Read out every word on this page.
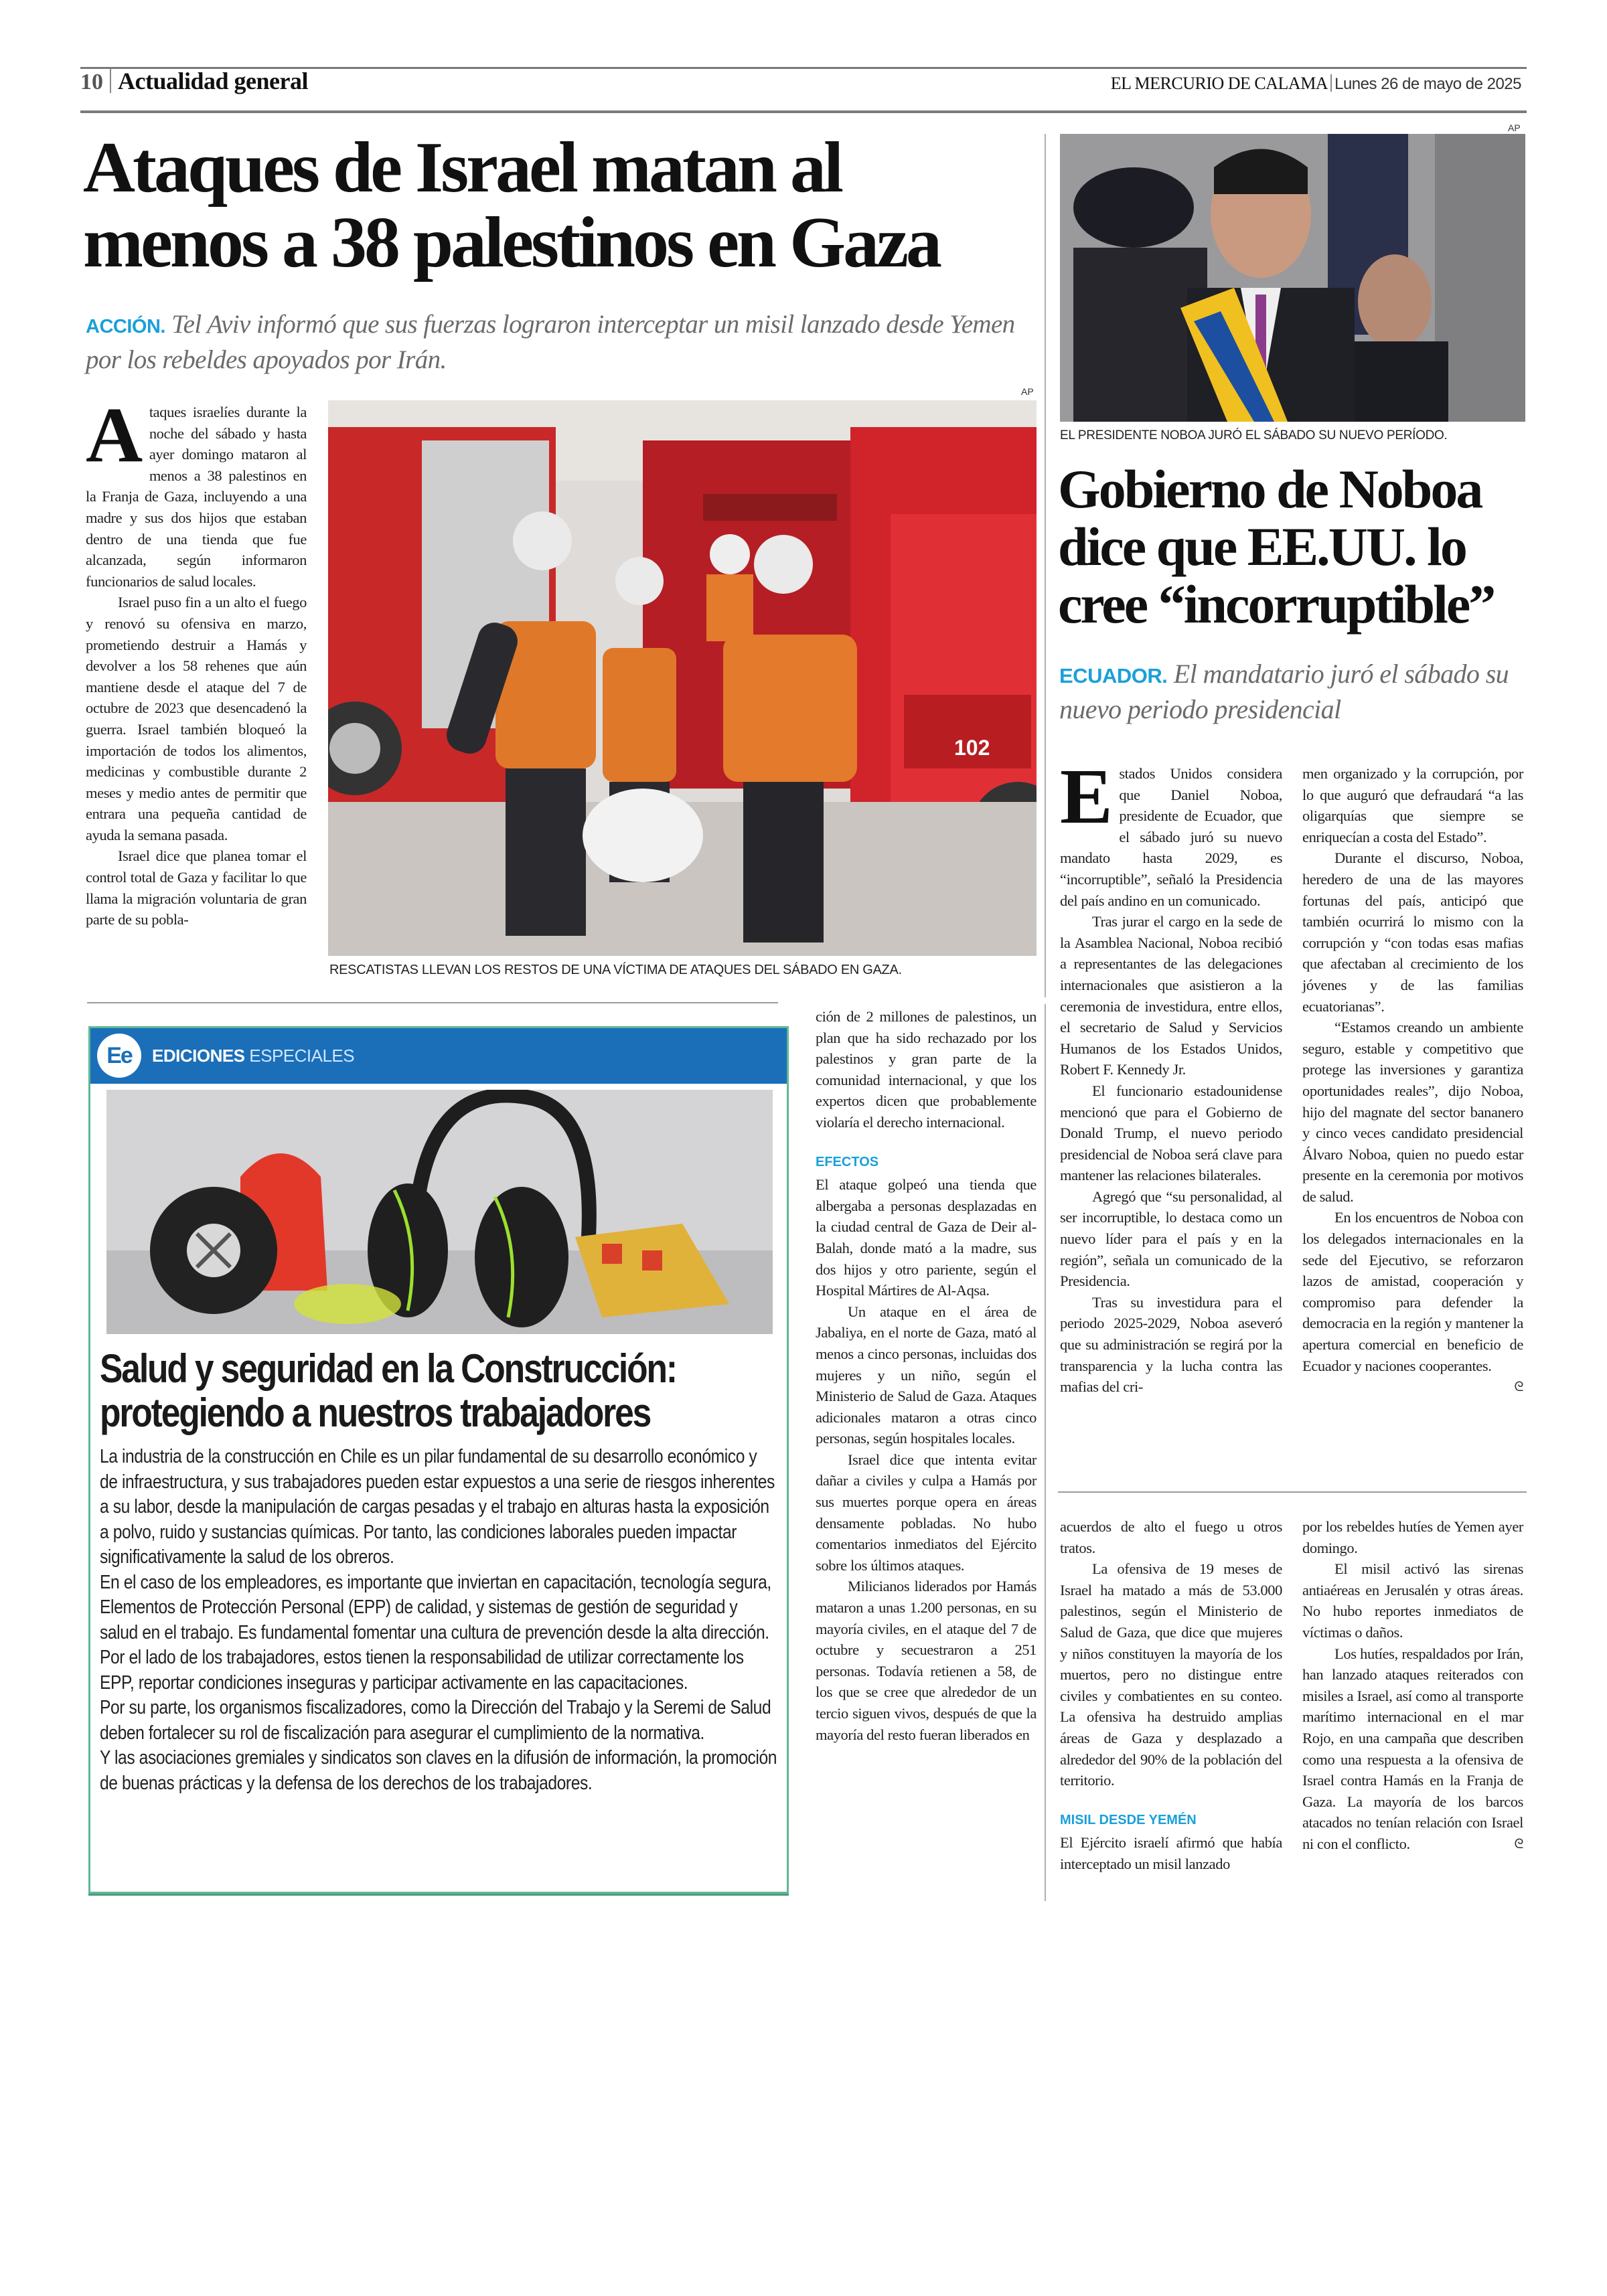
10 Actualidad general	EL MERCURIO DE CALAMA Lunes 26 de mayo de 2025
Ataques de Israel matan al
menos a 38 palestinos en Gaza
ACCIÓN. Tel Aviv informó que sus fuerzas lograron interceptar un misil lanzado desde Yemen por los rebeldes apoyados por Irán.

Ataques israelíes durante la noche del sábado y hasta ayer domingo mataron al menos a 38 palestinos en la Franja de Gaza, incluyendo a una madre y sus dos hijos que estaban dentro de una tienda que fue alcanzada, según informaron funcionarios de salud locales.

Israel puso fin a un alto el fuego y renovó su ofensiva en marzo, prometiendo destruir a Hamás y devolver a los 58 rehenes que aún mantiene desde el ataque del 7 de octubre de 2023 que desencadenó la guerra. Israel también bloqueó la importación de todos los alimentos, medicinas y combustible durante 2 meses y medio antes de permitir que entrara una pequeña cantidad de ayuda la semana pasada.

Israel dice que planea tomar el control total de Gaza y facilitar lo que llama la migración voluntaria de gran parte de su pobla-

AP
102
RESCATISTAS LLEVAN LOS RESTOS DE UNA VÍCTIMA DE ATAQUES DEL SÁBADO EN GAZA.

ción de 2 millones de palestinos, un plan que ha sido rechazado por los palestinos y gran parte de la comunidad internacional, y que los expertos dicen que probablemente violaría el derecho internacional.

EFECTOS

El ataque golpeó una tienda que albergaba a personas desplazadas en la ciudad central de Gaza de Deir al-Balah, donde mató a la madre, sus dos hijos y otro pariente, según el Hospital Mártires de Al-Aqsa.

Un ataque en el área de Jabaliya, en el norte de Gaza, mató al menos a cinco personas, incluidas dos mujeres y un niño, según el Ministerio de Salud de Gaza. Ataques adicionales mataron a otras cinco personas, según hospitales locales.

Israel dice que intenta evitar dañar a civiles y culpa a Hamás por sus muertes porque opera en áreas densamente pobladas. No hubo comentarios inmediatos del Ejército sobre los últimos ataques.

Milicianos liderados por Hamás mataron a unas 1.200 personas, en su mayoría civiles, en el ataque del 7 de octubre y secuestraron a 251 personas. Todavía retienen a 58, de los que se cree que alrededor de un tercio siguen vivos, después de que la mayoría del resto fueran liberados en

acuerdos de alto el fuego u otros tratos.

La ofensiva de 19 meses de Israel ha matado a más de 53.000 palestinos, según el Ministerio de Salud de Gaza, que dice que mujeres y niños constituyen la mayoría de los muertos, pero no distingue entre civiles y combatientes en su conteo. La ofensiva ha destruido amplias áreas de Gaza y desplazado a alrededor del 90% de la población del territorio.

MISIL DESDE YEMÉN

El Ejército israelí afirmó que había interceptado un misil lanzado

por los rebeldes hutíes de Yemen ayer domingo.

El misil activó las sirenas antiaéreas en Jerusalén y otras áreas. No hubo reportes inmediatos de víctimas o daños.

Los hutíes, respaldados por Irán, han lanzado ataques reiterados con misiles a Israel, así como al transporte marítimo internacional en el mar Rojo, en una campaña que describen como una respuesta a la ofensiva de Israel contra Hamás en la Franja de Gaza. La mayoría de los barcos atacados no tenían relación con Israel ni con el conflicto.	ᘓ

AP
EL PRESIDENTE NOBOA JURÓ EL SÁBADO SU NUEVO PERÍODO.
Gobierno de Noboa
dice que EE.UU. lo
cree “incorruptible”
ECUADOR. El mandatario juró el sábado su nuevo periodo presidencial

Estados Unidos considera que Daniel Noboa, presidente de Ecuador, que el sábado juró su nuevo mandato hasta 2029, es “incorruptible”, señaló la Presidencia del país andino en un comunicado.

Tras jurar el cargo en la sede de la Asamblea Nacional, Noboa recibió a representantes de las delegaciones internacionales que asistieron a la ceremonia de investidura, entre ellos, el secretario de Salud y Servicios Humanos de los Estados Unidos, Robert F. Kennedy Jr.

El funcionario estadounidense mencionó que para el Gobierno de Donald Trump, el nuevo periodo presidencial de Noboa será clave para mantener las relaciones bilaterales.

Agregó que “su personalidad, al ser incorruptible, lo destaca como un nuevo líder para el país y en la región”, señala un comunicado de la Presidencia.

Tras su investidura para el periodo 2025-2029, Noboa aseveró que su administración se regirá por la transparencia y la lucha contra las mafias del cri-

men organizado y la corrupción, por lo que auguró que defraudará “a las oligarquías que siempre se enriquecían a costa del Estado”.

Durante el discurso, Noboa, heredero de una de las mayores fortunas del país, anticipó que también ocurrirá lo mismo con la corrupción y “con todas esas mafias que afectaban al crecimiento de los jóvenes y de las familias ecuatorianas”.

“Estamos creando un ambiente seguro, estable y competitivo que protege las inversiones y garantiza oportunidades reales”, dijo Noboa, hijo del magnate del sector bananero y cinco veces candidato presidencial Álvaro Noboa, quien no puedo estar presente en la ceremonia por motivos de salud.

En los encuentros de Noboa con los delegados internacionales en la sede del Ejecutivo, se reforzaron lazos de amistad, cooperación y compromiso para defender la democracia en la región y mantener la apertura comercial en beneficio de Ecuador y naciones cooperantes.
ᘓ

Ee	EDICIONES ESPECIALES
Salud y seguridad en la Construcción:
protegiendo a nuestros trabajadores

La industria de la construcción en Chile es un pilar fundamental de su desarrollo económico y de infraestructura, y sus trabajadores pueden estar expuestos a una serie de riesgos inherentes a su labor, desde la manipulación de cargas pesadas y el trabajo en alturas hasta la exposición a polvo, ruido y sustancias químicas. Por tanto, las condiciones laborales pueden impactar significativamente la salud de los obreros.

En el caso de los empleadores, es importante que inviertan en capacitación, tecnología segura, Elementos de Protección Personal (EPP) de calidad, y sistemas de gestión de seguridad y salud en el trabajo. Es fundamental fomentar una cultura de prevención desde la alta dirección.

Por el lado de los trabajadores, estos tienen la responsabilidad de utilizar correctamente los EPP, reportar condiciones inseguras y participar activamente en las capacitaciones.

Por su parte, los organismos fiscalizadores, como la Dirección del Trabajo y la Seremi de Salud deben fortalecer su rol de fiscalización para asegurar el cumplimiento de la normativa.

Y las asociaciones gremiales y sindicatos son claves en la difusión de información, la promoción de buenas prácticas y la defensa de los derechos de los trabajadores.
